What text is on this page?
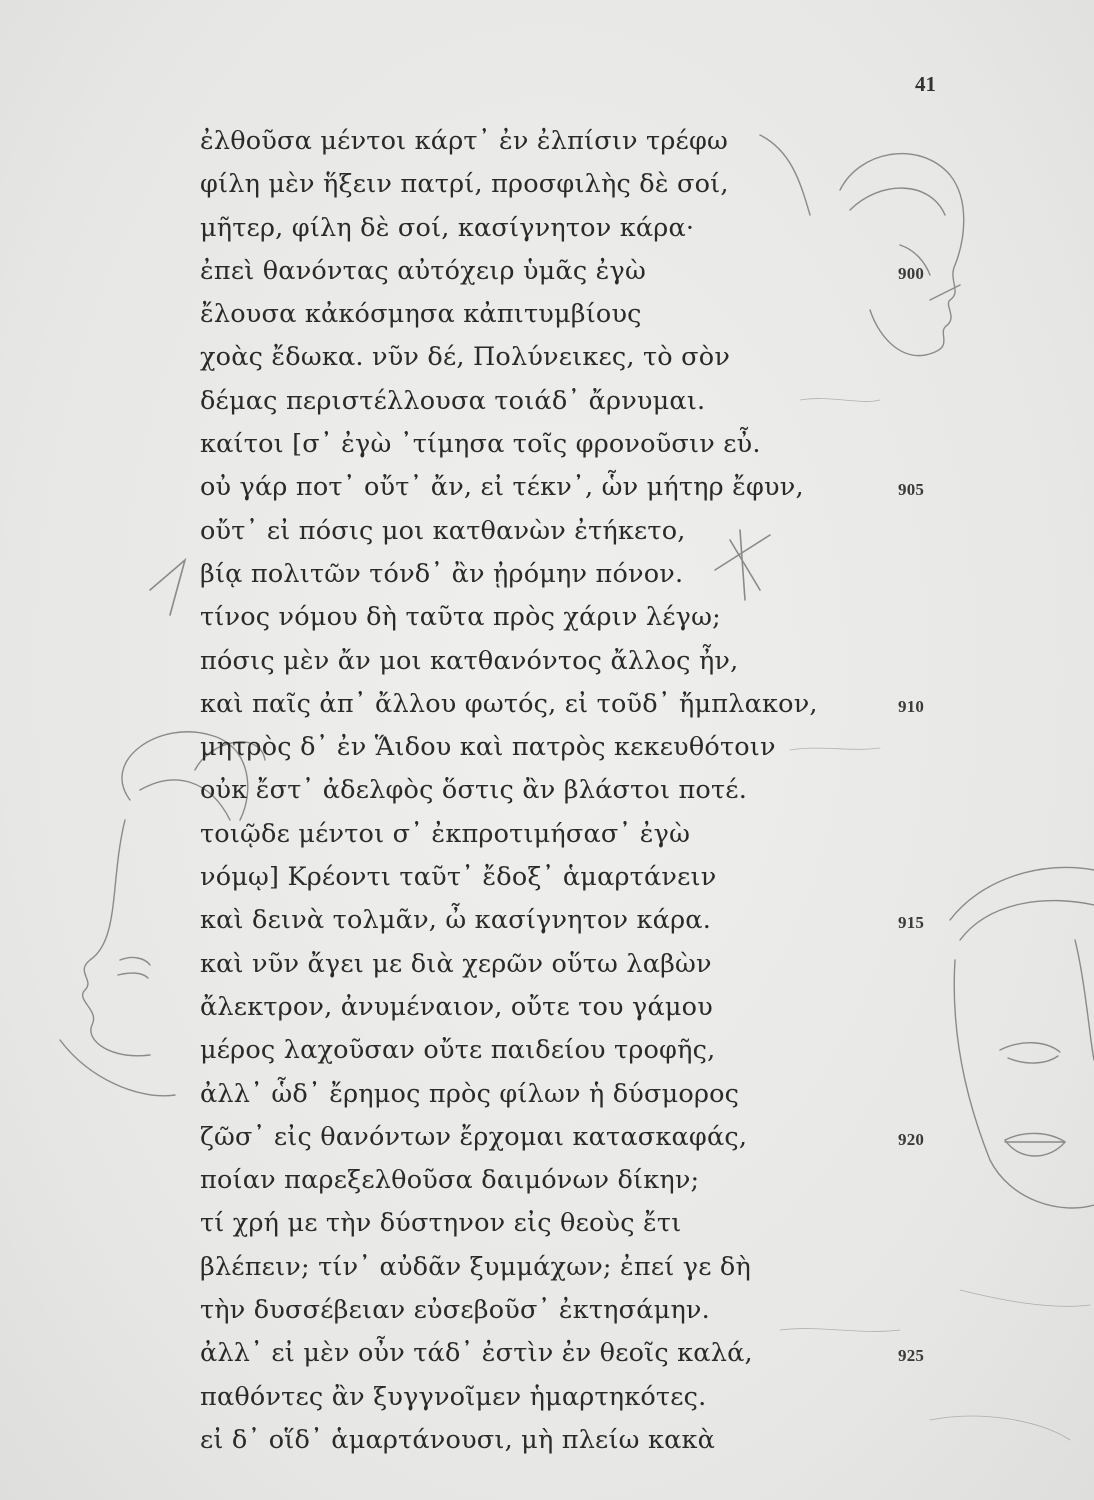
41
ἐλθοῦσα μέντοι κάρτ᾽ ἐν ἐλπίσιν τρέφω
φίλη μὲν ἥξειν πατρί, προσφιλὴς δὲ σοί,
μῆτερ, φίλη δὲ σοί, κασίγνητον κάρα·
ἐπεὶ θανόντας αὐτόχειρ ὑμᾶς ἐγὼ	900
ἔλουσα κἀκόσμησα κἀπιτυμβίους
χοὰς ἔδωκα. νῦν δέ, Πολύνεικες, τὸ σὸν
δέμας περιστέλλουσα τοιάδ᾽ ἄρνυμαι.
καίτοι [σ᾽ ἐγὼ ᾽τίμησα τοῖς φρονοῦσιν εὖ.
οὐ γάρ ποτ᾽ οὔτ᾽ ἄν, εἰ τέκν᾽, ὧν μήτηρ ἔφυν,	905
οὔτ᾽ εἰ πόσις μοι κατθανὼν ἐτήκετο,
βίᾳ πολιτῶν τόνδ᾽ ἂν ᾐρόμην πόνον.
τίνος νόμου δὴ ταῦτα πρὸς χάριν λέγω;
πόσις μὲν ἄν μοι κατθανόντος ἄλλος ἦν,
καὶ παῖς ἀπ᾽ ἄλλου φωτός, εἰ τοῦδ᾽ ἤμπλακον,	910
μητρὸς δ᾽ ἐν Ἅιδου καὶ πατρὸς κεκευθότοιν
οὐκ ἔστ᾽ ἀδελφὸς ὅστις ἂν βλάστοι ποτέ.
τοιῷδε μέντοι σ᾽ ἐκπροτιμήσασ᾽ ἐγὼ
νόμῳ] Κρέοντι ταῦτ᾽ ἔδοξ᾽ ἁμαρτάνειν
καὶ δεινὰ τολμᾶν, ὦ κασίγνητον κάρα.	915
καὶ νῦν ἄγει με διὰ χερῶν οὕτω λαβὼν
ἄλεκτρον, ἀνυμέναιον, οὔτε του γάμου
μέρος λαχοῦσαν οὔτε παιδείου τροφῆς,
ἀλλ᾽ ὧδ᾽ ἔρημος πρὸς φίλων ἡ δύσμορος
ζῶσ᾽ εἰς θανόντων ἔρχομαι κατασκαφάς,	920
ποίαν παρεξελθοῦσα δαιμόνων δίκην;
τί χρή με τὴν δύστηνον εἰς θεοὺς ἔτι
βλέπειν; τίν᾽ αὐδᾶν ξυμμάχων; ἐπεί γε δὴ
τὴν δυσσέβειαν εὐσεβοῦσ᾽ ἐκτησάμην.
ἀλλ᾽ εἰ μὲν οὖν τάδ᾽ ἐστὶν ἐν θεοῖς καλά,	925
παθόντες ἂν ξυγγνοῖμεν ἡμαρτηκότες.
εἰ δ᾽ οἵδ᾽ ἁμαρτάνουσι, μὴ πλείω κακὰ
